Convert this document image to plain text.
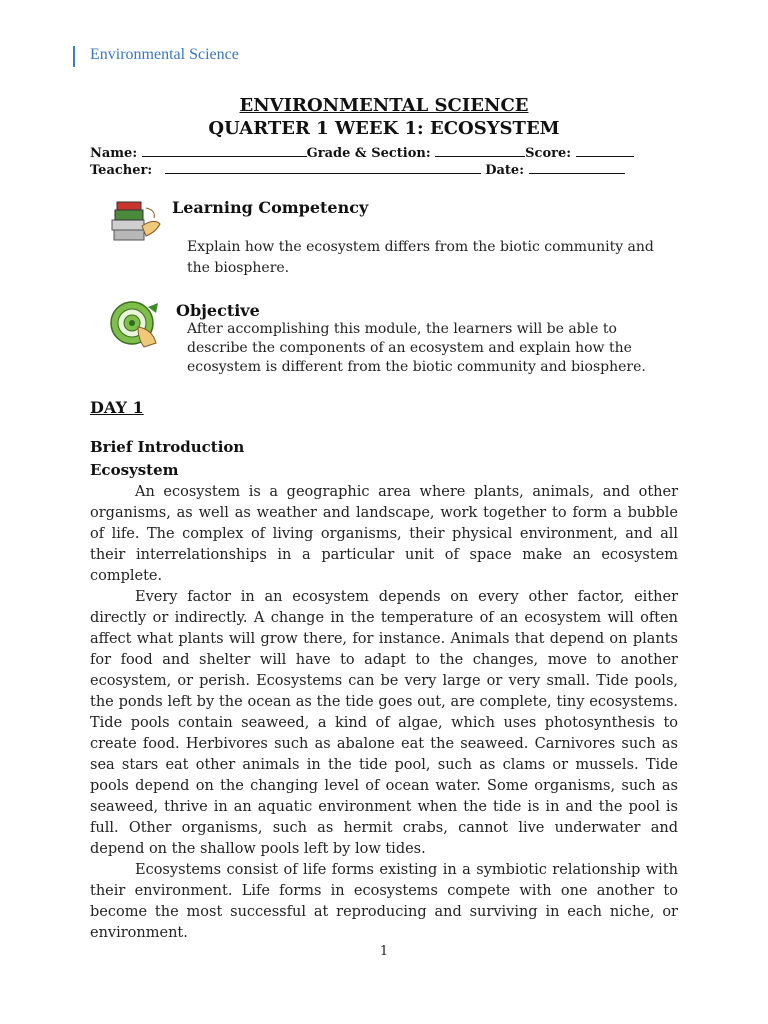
Environmental Science
ENVIRONMENTAL SCIENCE
QUARTER 1 WEEK 1: ECOSYSTEM
Name:	Grade & Section:	Score:
Teacher:	Date:
Learning Competency
Explain how the ecosystem differs from the biotic community and the biosphere.
Objective
After accomplishing this module, the learners will be able to describe the components of an ecosystem and explain how the ecosystem is different from the biotic community and biosphere.
DAY 1
Brief Introduction
Ecosystem

An ecosystem is a geographic area where plants, animals, and other organisms, as well as weather and landscape, work together to form a bubble of life. The complex of living organisms, their physical environment, and all their interrelationships in a particular unit of space make an ecosystem complete.

Every factor in an ecosystem depends on every other factor, either directly or indirectly. A change in the temperature of an ecosystem will often affect what plants will grow there, for instance. Animals that depend on plants for food and shelter will have to adapt to the changes, move to another ecosystem, or perish. Ecosystems can be very large or very small. Tide pools, the ponds left by the ocean as the tide goes out, are complete, tiny ecosystems. Tide pools contain seaweed, a kind of algae, which uses photosynthesis to create food. Herbivores such as abalone eat the seaweed. Carnivores such as sea stars eat other animals in the tide pool, such as clams or mussels. Tide pools depend on the changing level of ocean water. Some organisms, such as seaweed, thrive in an aquatic environment when the tide is in and the pool is full. Other organisms, such as hermit crabs, cannot live underwater and depend on the shallow pools left by low tides.

Ecosystems consist of life forms existing in a symbiotic relationship with their environment. Life forms in ecosystems compete with one another to become the most successful at reproducing and surviving in each niche, or environment.

1
